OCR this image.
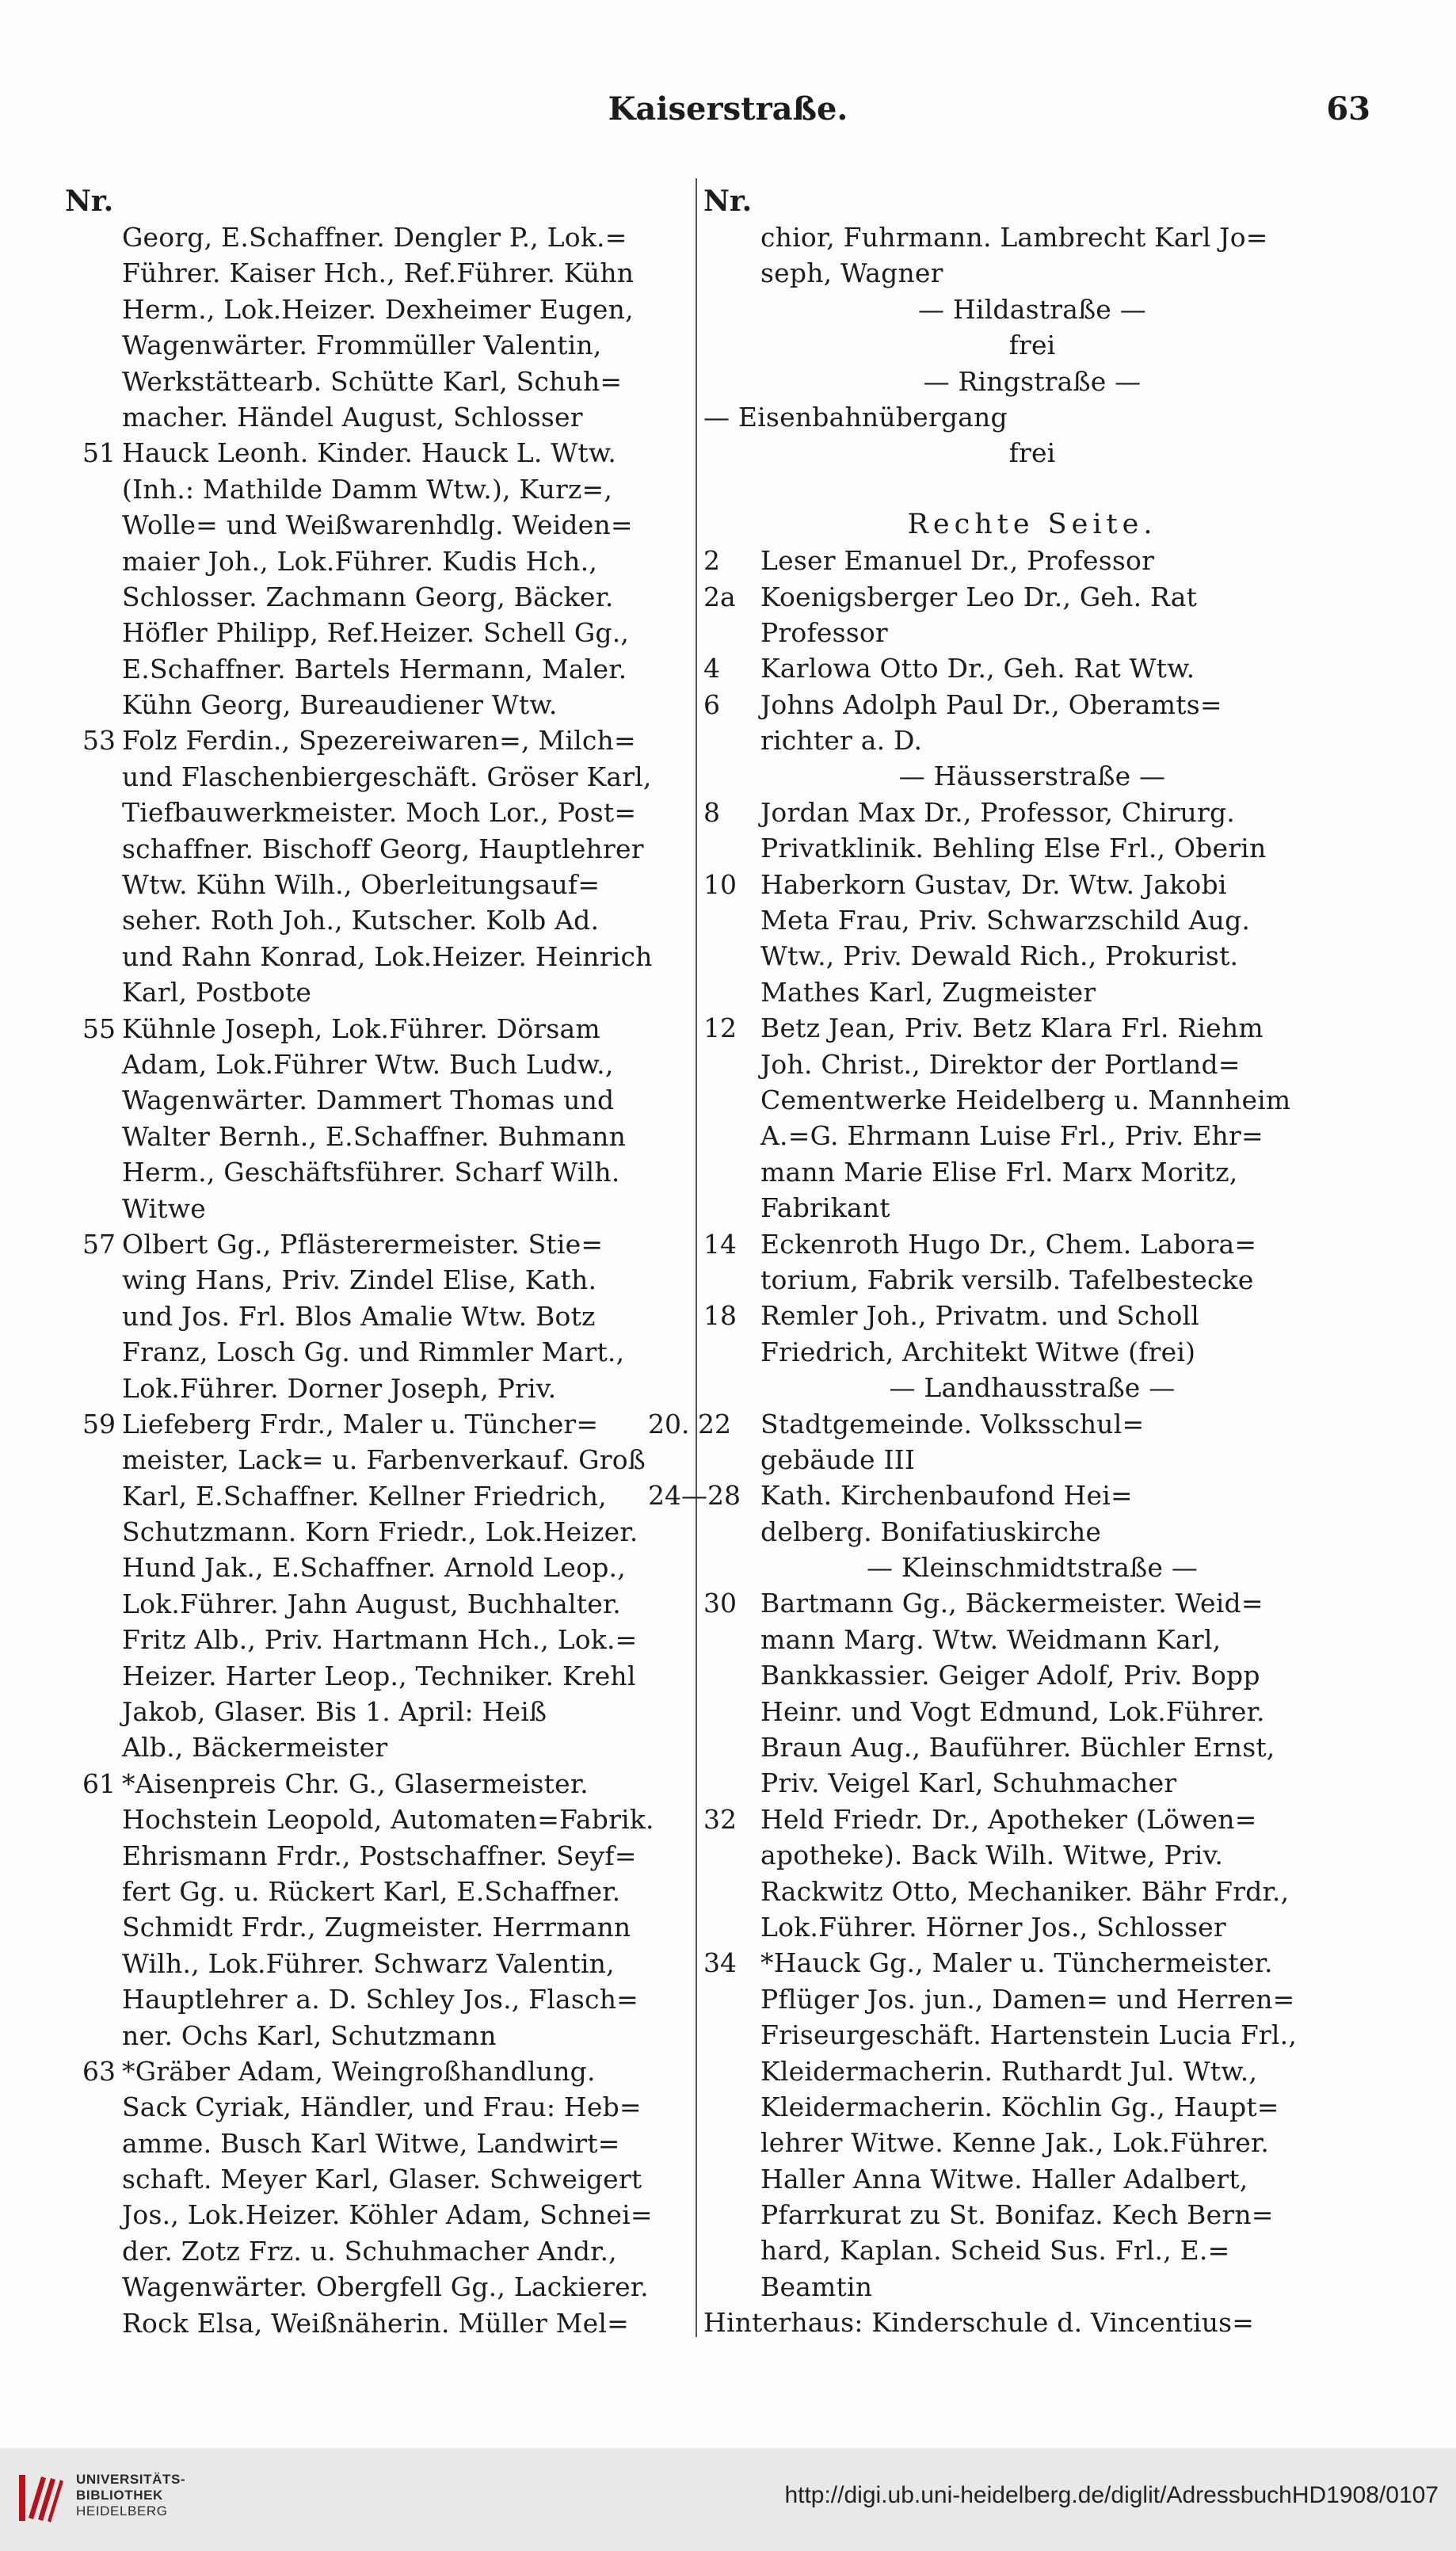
Kaiserstraße.	63
Nr.
Georg, E.Schaffner. Dengler P., Lok.=
Führer. Kaiser Hch., Ref.Führer. Kühn
Herm., Lok.Heizer. Dexheimer Eugen,
Wagenwärter. Frommüller Valentin,
Werkstättearb. Schütte Karl, Schuh=
macher. Händel August, Schlosser
51 Hauck Leonh. Kinder. Hauck L. Wtw.
(Inh.: Mathilde Damm Wtw.), Kurz=,
Wolle= und Weißwarenhdlg. Weiden=
maier Joh., Lok.Führer. Kudis Hch.,
Schlosser. Zachmann Georg, Bäcker.
Höfler Philipp, Ref.Heizer. Schell Gg.,
E.Schaffner. Bartels Hermann, Maler.
Kühn Georg, Bureaudiener Wtw.
53 Folz Ferdin., Spezereiwaren=, Milch=
und Flaschenbiergeschäft. Gröser Karl,
Tiefbauwerkmeister. Moch Lor., Post=
schaffner. Bischoff Georg, Hauptlehrer
Wtw. Kühn Wilh., Oberleitungsauf=
seher. Roth Joh., Kutscher. Kolb Ad.
und Rahn Konrad, Lok.Heizer. Heinrich
Karl, Postbote
55 Kühnle Joseph, Lok.Führer. Dörsam
Adam, Lok.Führer Wtw. Buch Ludw.,
Wagenwärter. Dammert Thomas und
Walter Bernh., E.Schaffner. Buhmann
Herm., Geschäftsführer. Scharf Wilh.
Witwe
57 Olbert Gg., Pflästerermeister. Stie=
wing Hans, Priv. Zindel Elise, Kath.
und Jos. Frl. Blos Amalie Wtw. Botz
Franz, Losch Gg. und Rimmler Mart.,
Lok.Führer. Dorner Joseph, Priv.
59 Liefeberg Frdr., Maler u. Tüncher=
meister, Lack= u. Farbenverkauf. Groß
Karl, E.Schaffner. Kellner Friedrich,
Schutzmann. Korn Friedr., Lok.Heizer.
Hund Jak., E.Schaffner. Arnold Leop.,
Lok.Führer. Jahn August, Buchhalter.
Fritz Alb., Priv. Hartmann Hch., Lok.=
Heizer. Harter Leop., Techniker. Krehl
Jakob, Glaser. Bis 1. April: Heiß
Alb., Bäckermeister
61 *Aisenpreis Chr. G., Glasermeister.
Hochstein Leopold, Automaten=Fabrik.
Ehrismann Frdr., Postschaffner. Seyf=
fert Gg. u. Rückert Karl, E.Schaffner.
Schmidt Frdr., Zugmeister. Herrmann
Wilh., Lok.Führer. Schwarz Valentin,
Hauptlehrer a. D. Schley Jos., Flasch=
ner. Ochs Karl, Schutzmann
63 *Gräber Adam, Weingroßhandlung.
Sack Cyriak, Händler, und Frau: Heb=
amme. Busch Karl Witwe, Landwirt=
schaft. Meyer Karl, Glaser. Schweigert
Jos., Lok.Heizer. Köhler Adam, Schnei=
der. Zotz Frz. u. Schuhmacher Andr.,
Wagenwärter. Obergfell Gg., Lackierer.
Rock Elsa, Weißnäherin. Müller Mel=
Nr.
chior, Fuhrmann. Lambrecht Karl Jo=
seph, Wagner
— Hildastraße —
frei
— Ringstraße —
— Eisenbahnübergang
frei
Rechte Seite.
2 Leser Emanuel Dr., Professor
2a Koenigsberger Leo Dr., Geh. Rat
Professor
4 Karlowa Otto Dr., Geh. Rat Wtw.
6 Johns Adolph Paul Dr., Oberamts=
richter a. D.
— Häusserstraße —
8 Jordan Max Dr., Professor, Chirurg.
Privatklinik. Behling Else Frl., Oberin
10 Haberkorn Gustav, Dr. Wtw. Jakobi
Meta Frau, Priv. Schwarzschild Aug.
Wtw., Priv. Dewald Rich., Prokurist.
Mathes Karl, Zugmeister
12 Betz Jean, Priv. Betz Klara Frl. Riehm
Joh. Christ., Direktor der Portland=
Cementwerke Heidelberg u. Mannheim
A.=G. Ehrmann Luise Frl., Priv. Ehr=
mann Marie Elise Frl. Marx Moritz,
Fabrikant
14 Eckenroth Hugo Dr., Chem. Labora=
torium, Fabrik versilb. Tafelbestecke
18 Remler Joh., Privatm. und Scholl
Friedrich, Architekt Witwe (frei)
— Landhausstraße —
20. 22 Stadtgemeinde. Volksschul=
gebäude III
24—28 Kath. Kirchenbaufond Hei=
delberg. Bonifatiuskirche
— Kleinschmidtstraße —
30 Bartmann Gg., Bäckermeister. Weid=
mann Marg. Wtw. Weidmann Karl,
Bankkassier. Geiger Adolf, Priv. Bopp
Heinr. und Vogt Edmund, Lok.Führer.
Braun Aug., Bauführer. Büchler Ernst,
Priv. Veigel Karl, Schuhmacher
32 Held Friedr. Dr., Apotheker (Löwen=
apotheke). Back Wilh. Witwe, Priv.
Rackwitz Otto, Mechaniker. Bähr Frdr.,
Lok.Führer. Hörner Jos., Schlosser
34 *Hauck Gg., Maler u. Tünchermeister.
Pflüger Jos. jun., Damen= und Herren=
Friseurgeschäft. Hartenstein Lucia Frl.,
Kleidermacherin. Ruthardt Jul. Wtw.,
Kleidermacherin. Köchlin Gg., Haupt=
lehrer Witwe. Kenne Jak., Lok.Führer.
Haller Anna Witwe. Haller Adalbert,
Pfarrkurat zu St. Bonifaz. Kech Bern=
hard, Kaplan. Scheid Sus. Frl., E.=
Beamtin
Hinterhaus: Kinderschule d. Vincentius=
UNIVERSITÄTS-
BIBLIOTHEK
HEIDELBERG
http://digi.ub.uni-heidelberg.de/diglit/AdressbuchHD1908/0107
